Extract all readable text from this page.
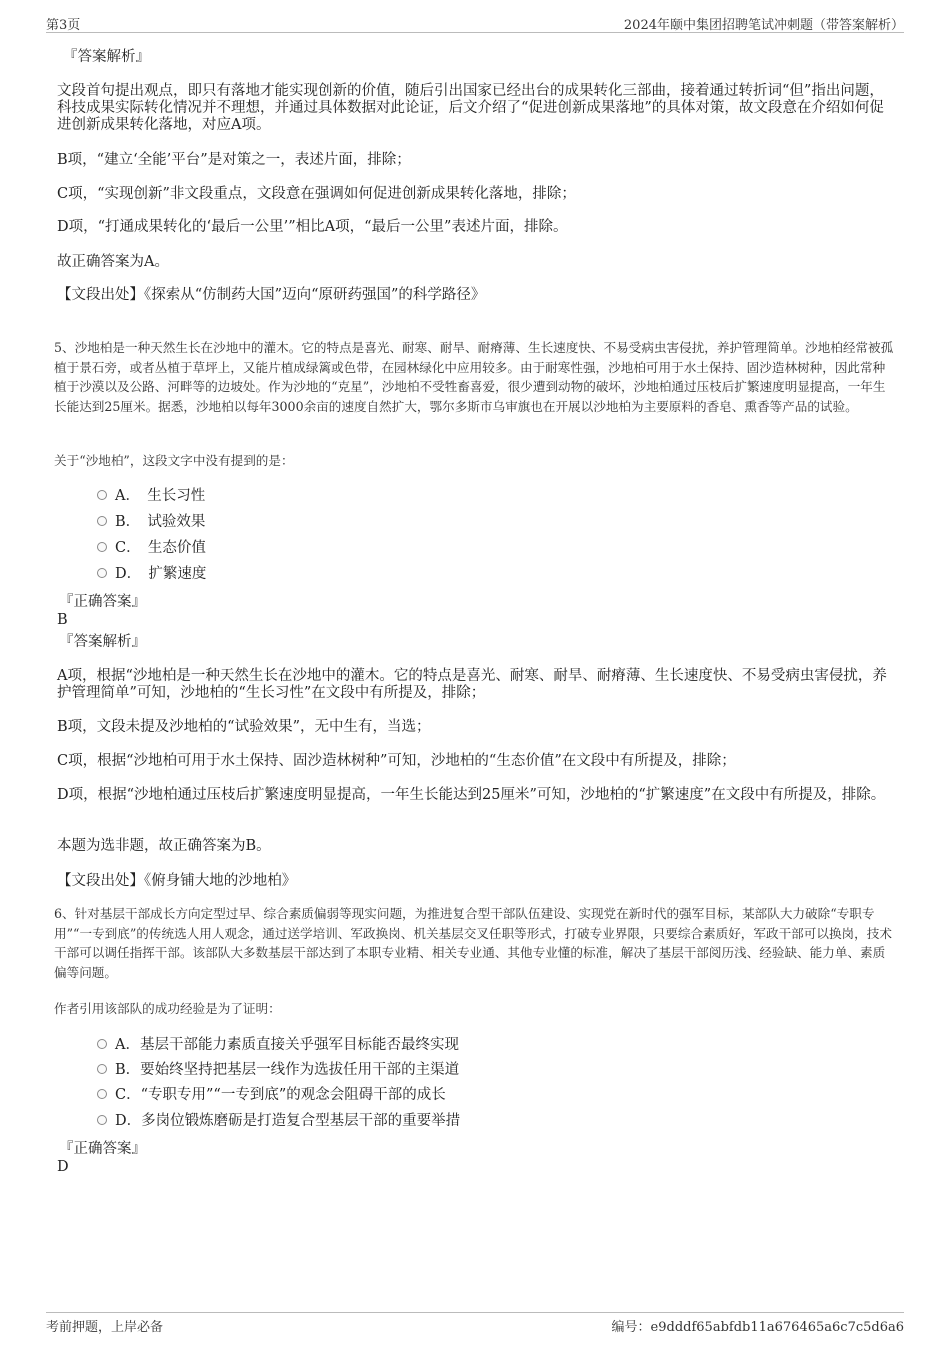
第3页	2024年颐中集团招聘笔试冲刺题（带答案解析）
『答案解析』
文段首句提出观点，即只有落地才能实现创新的价值，随后引出国家已经出台的成果转化三部曲，接着通过转折词“但”指出问题，科技成果实际转化情况并不理想，并通过具体数据对此论证，后文介绍了“促进创新成果落地”的具体对策，故文段意在介绍如何促进创新成果转化落地，对应A项。
B项，“建立‘全能’平台”是对策之一，表述片面，排除；
C项，“实现创新”非文段重点，文段意在强调如何促进创新成果转化落地，排除；
D项，“打通成果转化的‘最后一公里’”相比A项，“最后一公里”表述片面，排除。
故正确答案为A。
【文段出处】《探索从“仿制药大国”迈向“原研药强国”的科学路径》
5、沙地柏是一种天然生长在沙地中的灌木。它的特点是喜光、耐寒、耐旱、耐瘠薄、生长速度快、不易受病虫害侵扰，养护管理简单。沙地柏经常被孤植于景石旁，或者丛植于草坪上，又能片植成绿篱或色带，在园林绿化中应用较多。由于耐寒性强，沙地柏可用于水土保持、固沙造林树种，因此常种植于沙漠以及公路、河畔等的边坡处。作为沙地的“克星”，沙地柏不受牲畜喜爱，很少遭到动物的破坏，沙地柏通过压枝后扩繁速度明显提高，一年生长能达到25厘米。据悉，沙地柏以每年3000余亩的速度自然扩大，鄂尔多斯市乌审旗也在开展以沙地柏为主要原料的香皂、熏香等产品的试验。
关于“沙地柏”，这段文字中没有提到的是：
A．　生长习性
B．　试验效果
C．　生态价值
D．　扩繁速度
『正确答案』
B
『答案解析』
A项，根据“沙地柏是一种天然生长在沙地中的灌木。它的特点是喜光、耐寒、耐旱、耐瘠薄、生长速度快、不易受病虫害侵扰，养护管理简单”可知，沙地柏的“生长习性”在文段中有所提及，排除；
B项，文段未提及沙地柏的“试验效果”，无中生有，当选；
C项，根据“沙地柏可用于水土保持、固沙造林树种”可知，沙地柏的“生态价值”在文段中有所提及，排除；
D项，根据“沙地柏通过压枝后扩繁速度明显提高，一年生长能达到25厘米”可知，沙地柏的“扩繁速度”在文段中有所提及，排除。
本题为选非题，故正确答案为B。
【文段出处】《俯身铺大地的沙地柏》
6、针对基层干部成长方向定型过早、综合素质偏弱等现实问题，为推进复合型干部队伍建设、实现党在新时代的强军目标，某部队大力破除“专职专用”“一专到底”的传统选人用人观念，通过送学培训、军政换岗、机关基层交叉任职等形式，打破专业界限，只要综合素质好，军政干部可以换岗，技术干部可以调任指挥干部。该部队大多数基层干部达到了本职专业精、相关专业通、其他专业懂的标准，解决了基层干部阅历浅、经验缺、能力单、素质偏等问题。
作者引用该部队的成功经验是为了证明：
A．基层干部能力素质直接关乎强军目标能否最终实现
B．要始终坚持把基层一线作为选拔任用干部的主渠道
C．“专职专用”“一专到底”的观念会阻碍干部的成长
D．多岗位锻炼磨砺是打造复合型基层干部的重要举措
『正确答案』
D
考前押题，上岸必备	编号：e9dddf65abfdb11a676465a6c7c5d6a6
